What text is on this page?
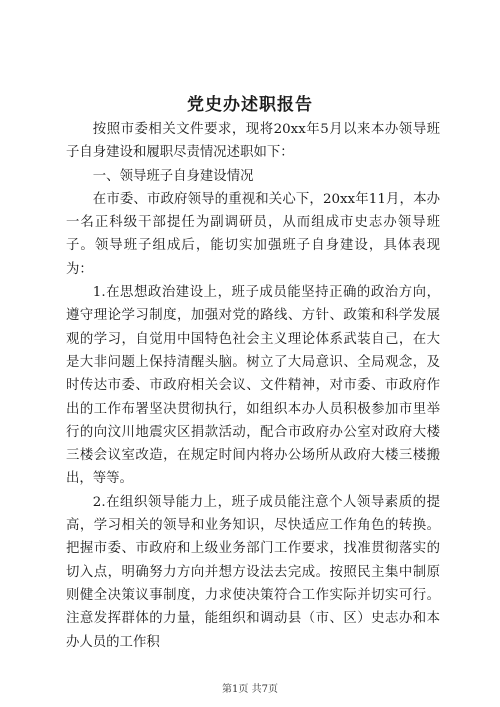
党史办述职报告

按照市委相关文件要求，现将20xx年5月以来本办领导班子自身建设和履职尽责情况述职如下：

一、领导班子自身建设情况

在市委、市政府领导的重视和关心下，20xx年11月，本办一名正科级干部提任为副调研员，从而组成市史志办领导班子。领导班子组成后，能切实加强班子自身建设，具体表现为：

1.在思想政治建设上，班子成员能坚持正确的政治方向，遵守理论学习制度，加强对党的路线、方针、政策和科学发展观的学习，自觉用中国特色社会主义理论体系武装自己，在大是大非问题上保持清醒头脑。树立了大局意识、全局观念，及时传达市委、市政府相关会议、文件精神，对市委、市政府作出的工作布署坚决贯彻执行，如组织本办人员积极参加市里举行的向汶川地震灾区捐款活动，配合市政府办公室对政府大楼三楼会议室改造，在规定时间内将办公场所从政府大楼三楼搬出，等等。

2.在组织领导能力上，班子成员能注意个人领导素质的提高，学习相关的领导和业务知识，尽快适应工作角色的转换。把握市委、市政府和上级业务部门工作要求，找准贯彻落实的切入点，明确努力方向并想方设法去完成。按照民主集中制原则健全决策议事制度，力求使决策符合工作实际并切实可行。注意发挥群体的力量，能组织和调动县（市、区）史志办和本办人员的工作积

第1页 共7页
